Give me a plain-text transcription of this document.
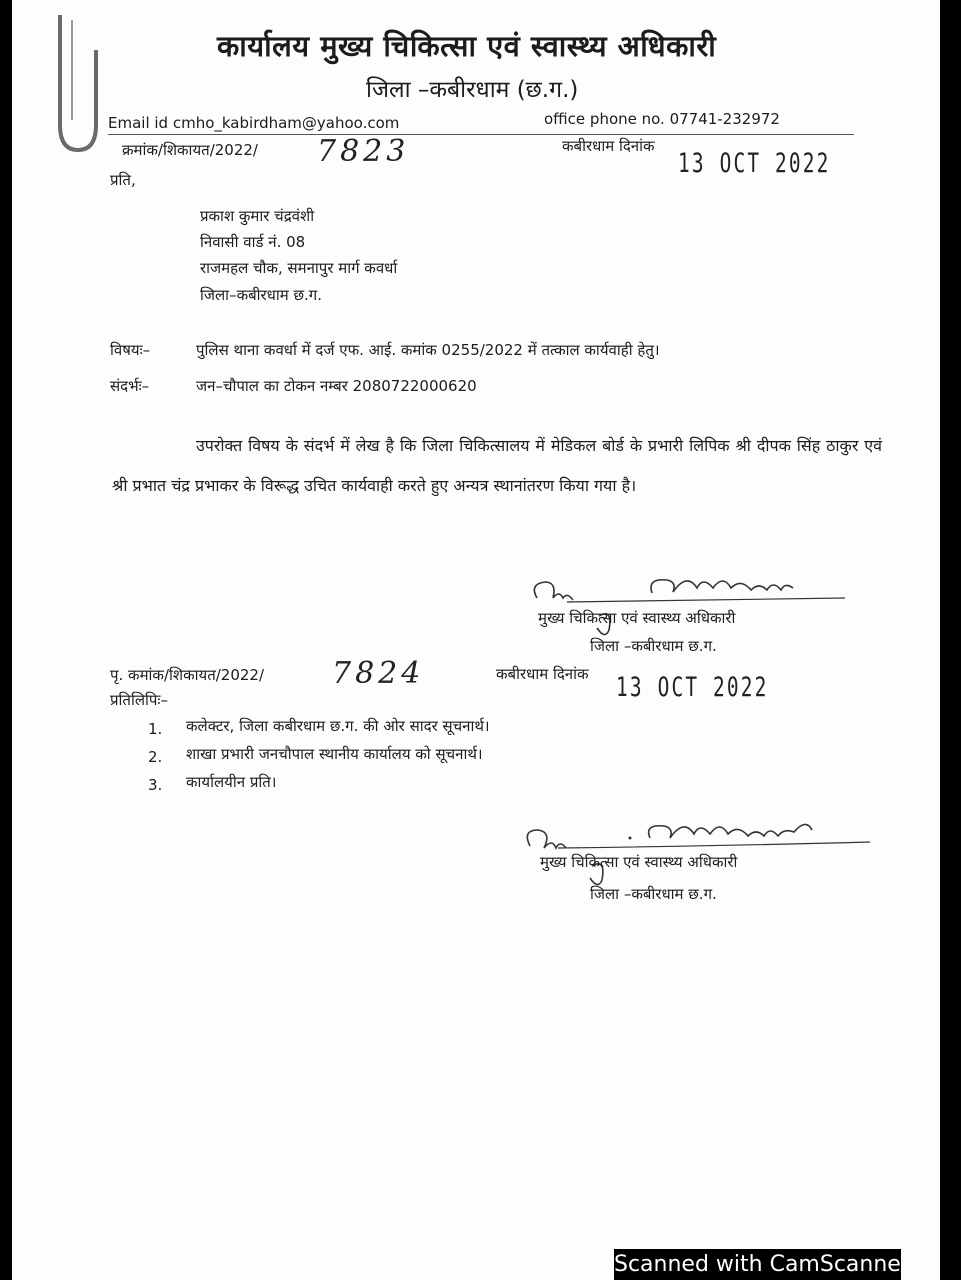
कार्यालय मुख्य चिकित्सा एवं स्वास्थ्य अधिकारी
जिला –कबीरधाम (छ.ग.)
Email id cmho_kabirdham@yahoo.com	office phone no. 07741-232972
क्रमांक/शिकायत/2022/ 7823	कबीरधाम दिनांक
13 OCT 2022
प्रति,
प्रकाश कुमार चंद्रवंशी
निवासी वार्ड नं. 08
राजमहल चौक, समनापुर मार्ग कवर्धा
जिला–कबीरधाम छ.ग.
विषयः–	पुलिस थाना कवर्धा में दर्ज एफ. आई. कमांक 0255/2022 में तत्काल कार्यवाही हेतु।
संदर्भः–	जन–चौपाल का टोकन नम्बर 2080722000620

उपरोक्त विषय के संदर्भ में लेख है कि जिला चिकित्सालय में मेडिकल बोर्ड के प्रभारी लिपिक श्री दीपक सिंह ठाकुर एवं श्री प्रभात चंद्र प्रभाकर के विरूद्ध उचित कार्यवाही करते हुए अन्यत्र स्थानांतरण किया गया है।

मुख्य चिकित्सा एवं स्वास्थ्य अधिकारी
जिला –कबीरधाम छ.ग.
पृ. कमांक/शिकायत/2022/ 7824	कबीरधाम दिनांक 13 OCT 2022
प्रतिलिपिः–
1. कलेक्टर, जिला कबीरधाम छ.ग. की ओर सादर सूचनार्थ।
2. शाखा प्रभारी जनचौपाल स्थानीय कार्यालय को सूचनार्थ।
3. कार्यालयीन प्रति।
मुख्य चिकित्सा एवं स्वास्थ्य अधिकारी
जिला –कबीरधाम छ.ग.
Scanned with CamScanner
